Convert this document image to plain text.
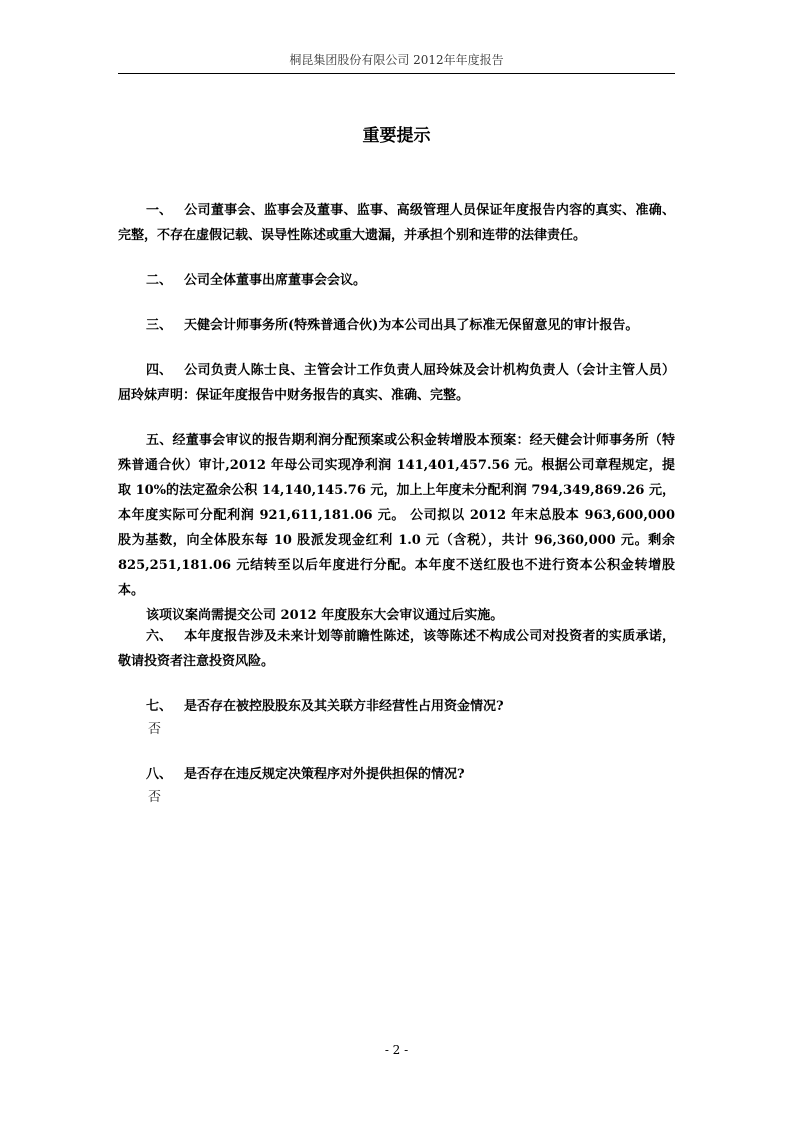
桐昆集团股份有限公司 2012年年度报告
重要提示
一、 公司董事会、监事会及董事、监事、高级管理人员保证年度报告内容的真实、准确、完整，不存在虚假记载、误导性陈述或重大遗漏，并承担个别和连带的法律责任。
二、 公司全体董事出席董事会会议。
三、 天健会计师事务所(特殊普通合伙)为本公司出具了标准无保留意见的审计报告。
四、 公司负责人陈士良、主管会计工作负责人屈玲妹及会计机构负责人（会计主管人员）屈玲妹声明：保证年度报告中财务报告的真实、准确、完整。
五、经董事会审议的报告期利润分配预案或公积金转增股本预案：经天健会计师事务所（特殊普通合伙）审计,2012 年母公司实现净利润 141,401,457.56 元。根据公司章程规定，提取 10%的法定盈余公积 14,140,145.76 元，加上上年度未分配利润 794,349,869.26 元，本年度实际可分配利润 921,611,181.06 元。 公司拟以 2012 年末总股本 963,600,000 股为基数，向全体股东每 10 股派发现金红利 1.0 元（含税），共计 96,360,000 元。剩余 825,251,181.06 元结转至以后年度进行分配。本年度不送红股也不进行资本公积金转增股本。
该项议案尚需提交公司 2012 年度股东大会审议通过后实施。
六、 本年度报告涉及未来计划等前瞻性陈述，该等陈述不构成公司对投资者的实质承诺，敬请投资者注意投资风险。
七、 是否存在被控股股东及其关联方非经营性占用资金情况?
否
八、 是否存在违反规定决策程序对外提供担保的情况?
否
- 2 -
